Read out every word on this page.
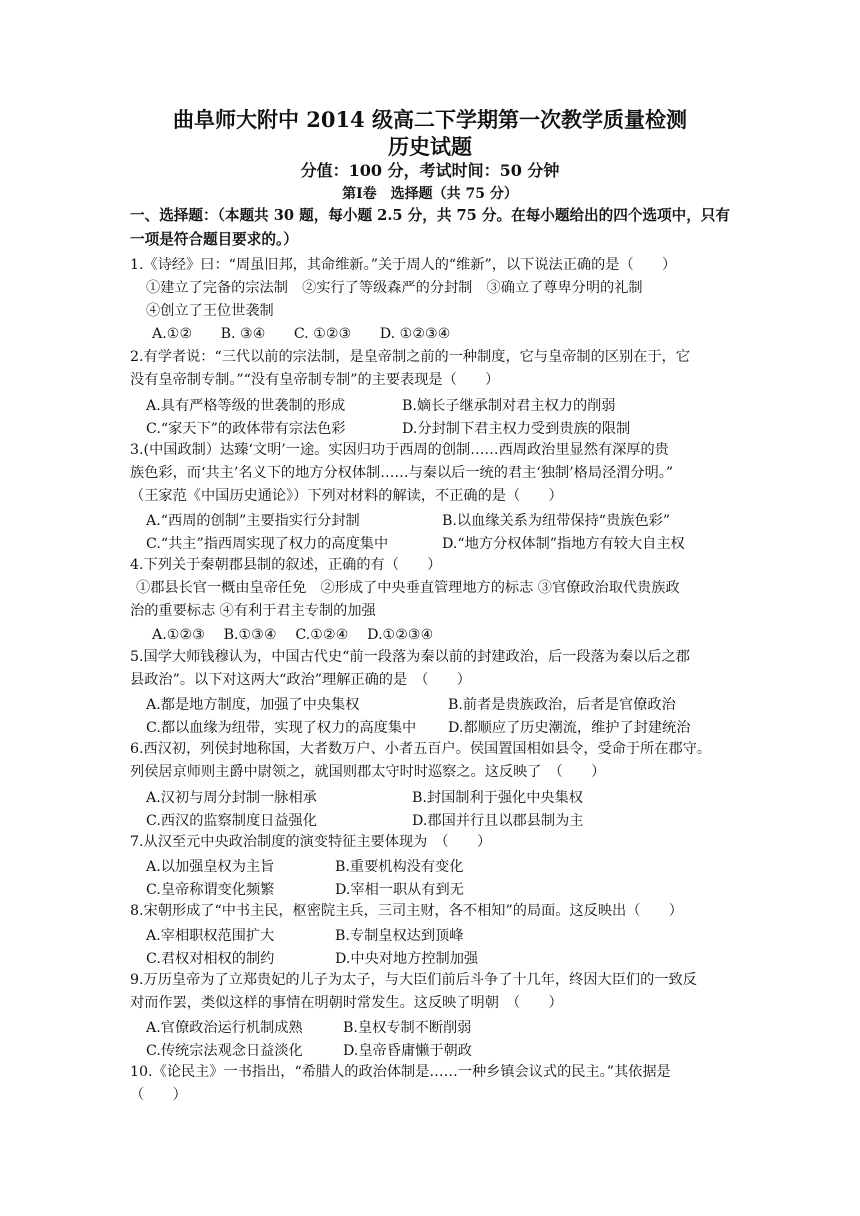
曲阜师大附中 2014 级高二下学期第一次教学质量检测
历史试题
分值：100 分，考试时间：50 分钟
第Ⅰ卷　选择题（共 75 分）
一、选择题：（本题共 30 题，每小题 2.5 分，共 75 分。在每小题给出的四个选项中，只有
一项是符合题目要求的。）
1.《诗经》曰：“周虽旧邦，其命维新。”关于周人的“维新”，以下说法正确的是（　　）
①建立了完备的宗法制　②实行了等级森严的分封制　③确立了尊卑分明的礼制
④创立了王位世袭制
A.①②　　B. ③④　　C. ①②③　　D. ①②③④
2.有学者说：“三代以前的宗法制，是皇帝制之前的一种制度，它与皇帝制的区别在于，它
没有皇帝制专制。”“没有皇帝制专制”的主要表现是（　　）
A.具有严格等级的世袭制的形成	B.嫡长子继承制对君主权力的削弱
C.“家天下”的政体带有宗法色彩	D.分封制下君主权力受到贵族的限制
3.(中国政制）达臻‘文明’一途。实因归功于西周的创制……西周政治里显然有深厚的贵
族色彩，而‘共主’名义下的地方分权体制……与秦以后一统的君主‘独制’格局泾渭分明。”
（王家范《中国历史通论》）下列对材料的解读，不正确的是（　　）
A.“西周的创制”主要指实行分封制	B.以血缘关系为纽带保持“贵族色彩”
C.“共主”指西周实现了权力的高度集中	D.“地方分权体制”指地方有较大自主权
4.下列关于秦朝郡县制的叙述，正确的有（　　）
①郡县长官一概由皇帝任免　②形成了中央垂直管理地方的标志 ③官僚政治取代贵族政
治的重要标志 ④有利于君主专制的加强
A.①②③　 B.①③④　 C.①②④　 D.①②③④
5.国学大师钱穆认为，中国古代史“前一段落为秦以前的封建政治，后一段落为秦以后之郡
县政治”。以下对这两大“政治”理解正确的是　（　　）
A.都是地方制度，加强了中央集权	B.前者是贵族政治，后者是官僚政治
C.都以血缘为纽带，实现了权力的高度集中 D.都顺应了历史潮流，维护了封建统治
6.西汉初，列侯封地称国，大者数万户、小者五百户。侯国置国相如县令，受命于所在郡守。
列侯居京师则主爵中尉领之，就国则郡太守时时巡察之。这反映了　（　　）
A.汉初与周分封制一脉相承	B.封国制利于强化中央集权
C.西汉的监察制度日益强化	D.郡国并行且以郡县制为主
7.从汉至元中央政治制度的演变特征主要体现为　（　　）
A.以加强皇权为主旨	B.重要机构没有变化
C.皇帝称谓变化频繁	D.宰相一职从有到无
8.宋朝形成了“中书主民，枢密院主兵，三司主财，各不相知”的局面。这反映出（　　）
A.宰相职权范围扩大	B.专制皇权达到顶峰
C.君权对相权的制约	D.中央对地方控制加强
9.万历皇帝为了立郑贵妃的儿子为太子，与大臣们前后斗争了十几年，终因大臣们的一致反
对而作罢，类似这样的事情在明朝时常发生。这反映了明朝　（　　）
A.官僚政治运行机制成熟	B.皇权专制不断削弱
C.传统宗法观念日益淡化	D.皇帝昏庸懒于朝政
10.《论民主》一书指出，“希腊人的政治体制是……一种乡镇会议式的民主。”其依据是
（　　）
